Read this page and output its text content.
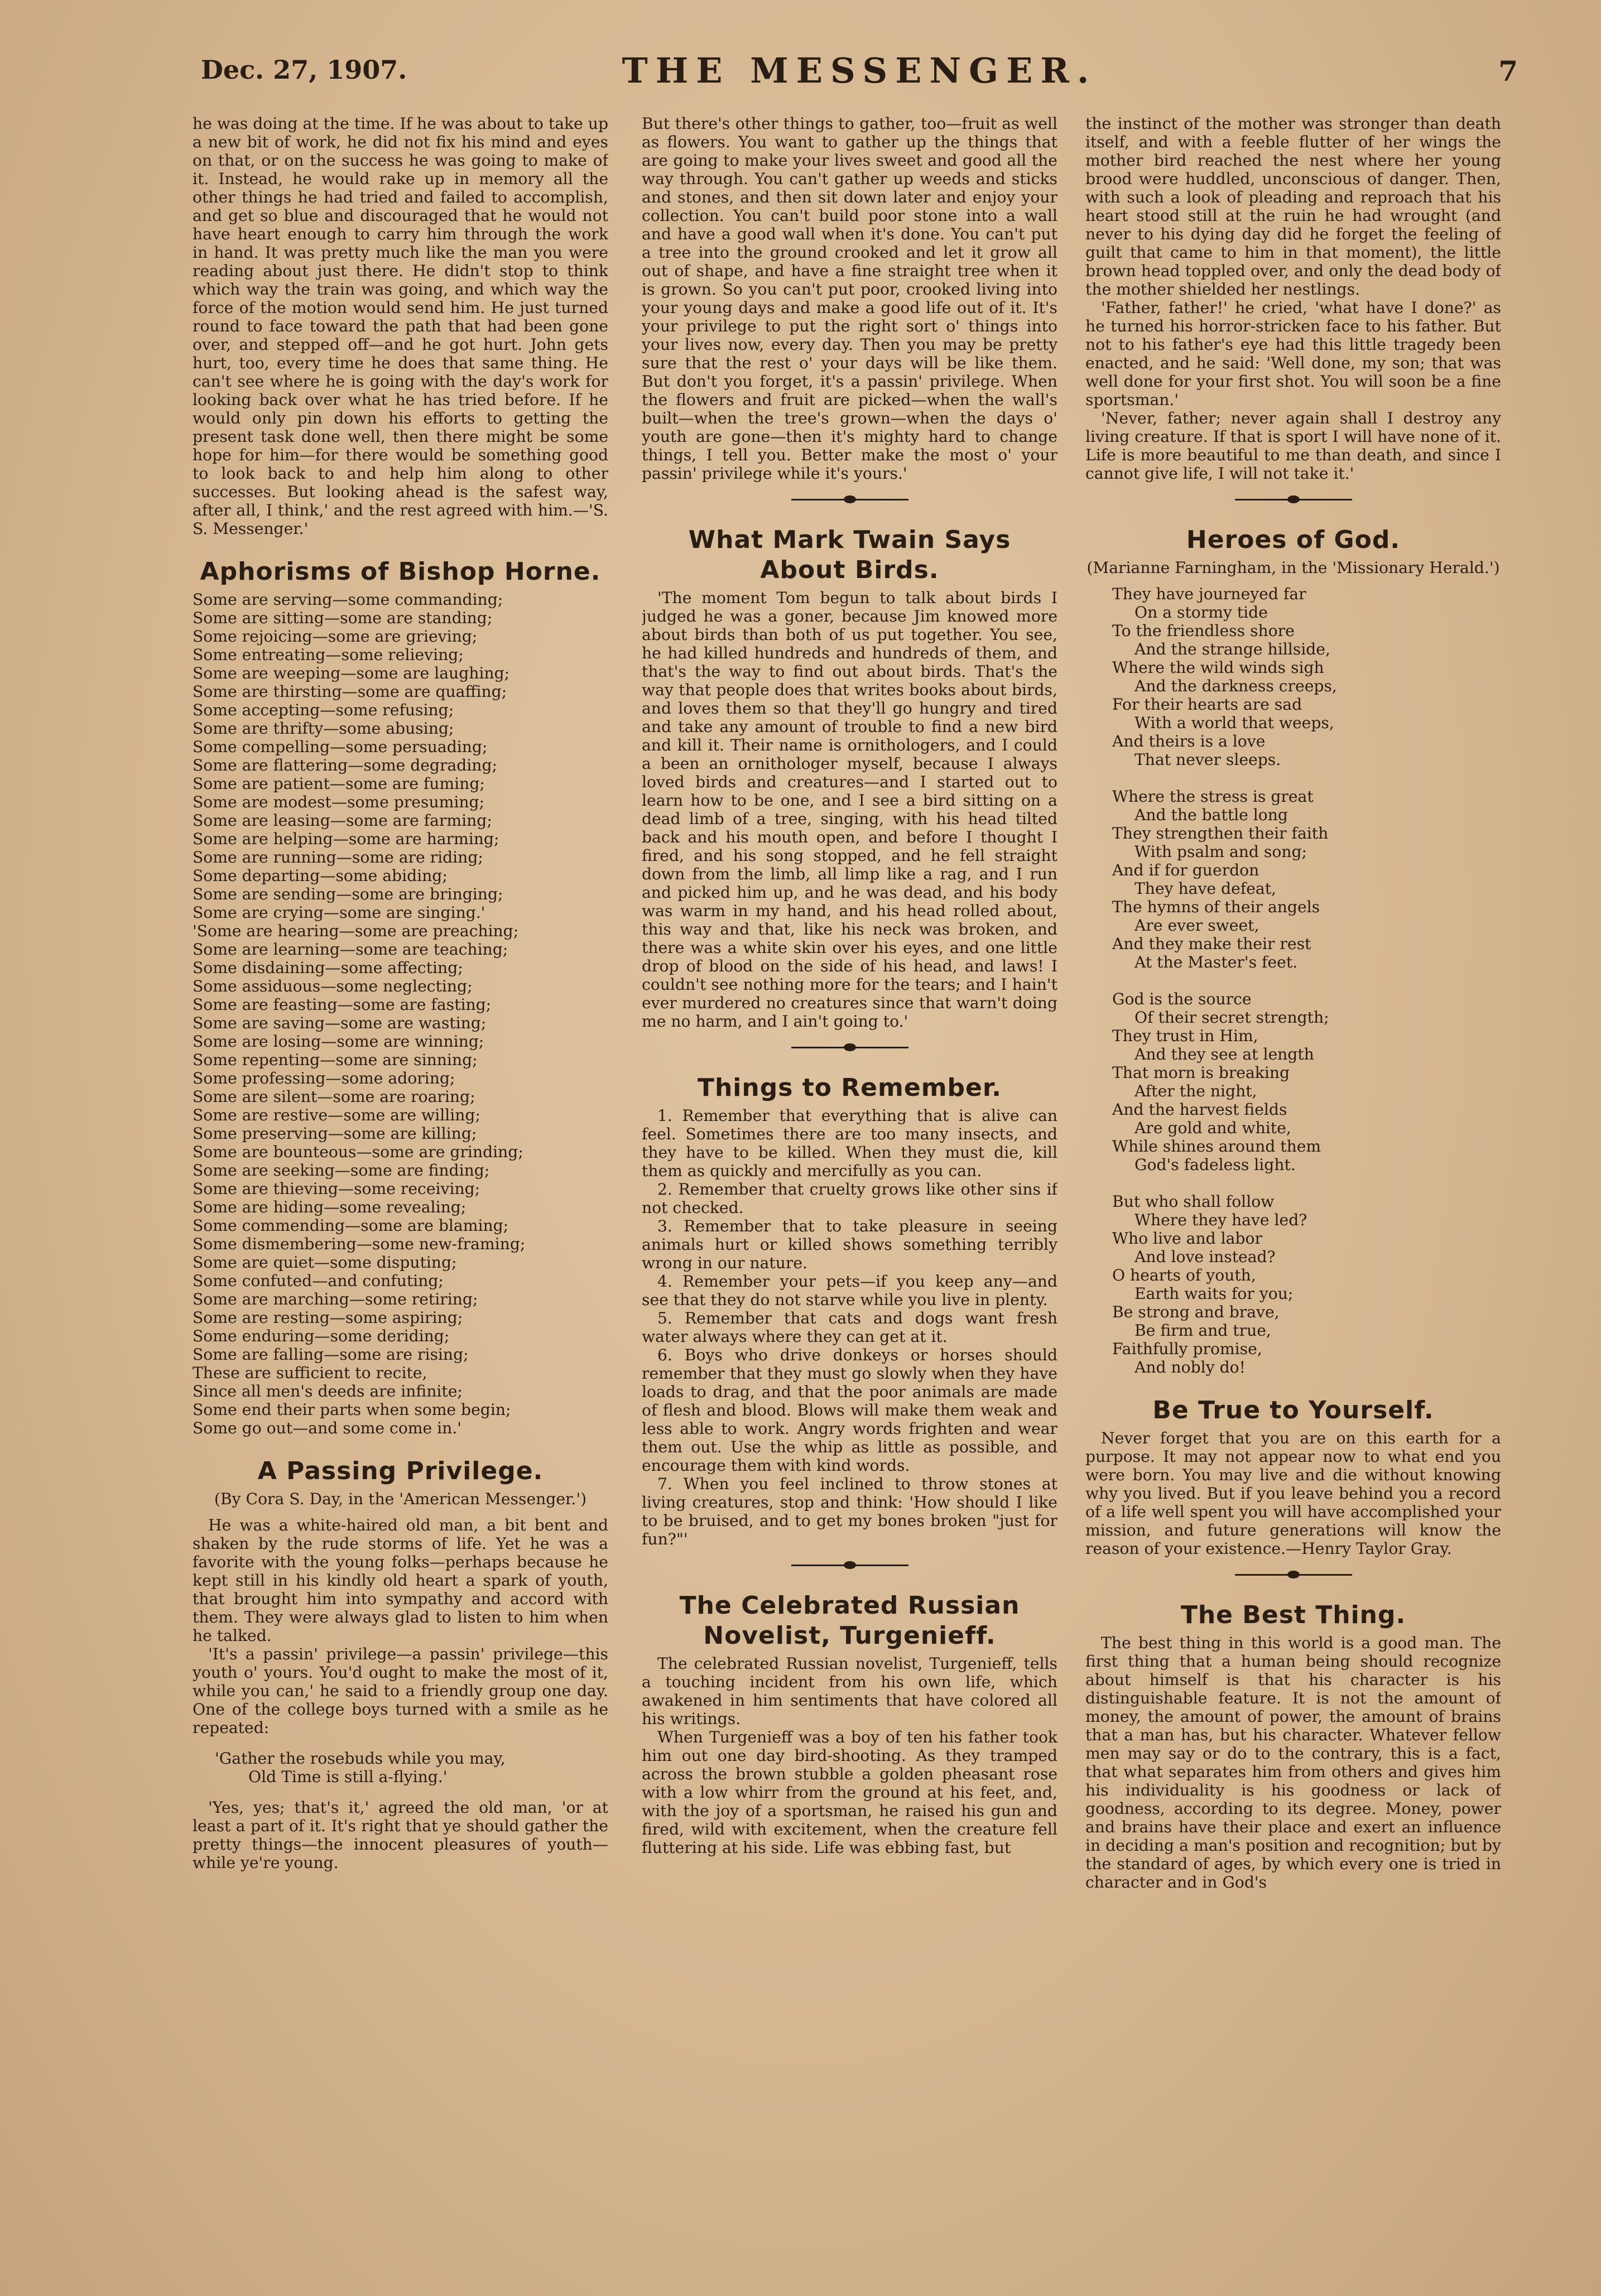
Dec. 27, 1907.	THE MESSENGER.	7

he was doing at the time. If he was about to take up a new bit of work, he did not fix his mind and eyes on that, or on the success he was going to make of it. Instead, he would rake up in memory all the other things he had tried and failed to accomplish, and get so blue and discouraged that he would not have heart enough to carry him through the work in hand. It was pretty much like the man you were reading about just there. He didn't stop to think which way the train was going, and which way the force of the motion would send him. He just turned round to face toward the path that had been gone over, and stepped off—and he got hurt. John gets hurt, too, every time he does that same thing. He can't see where he is going with the day's work for looking back over what he has tried before. If he would only pin down his efforts to getting the present task done well, then there might be some hope for him—for there would be something good to look back to and help him along to other successes. But looking ahead is the safest way, after all, I think,' and the rest agreed with him.—'S. S. Messenger.'

Aphorisms of Bishop Horne.
Some are serving—some commanding;
Some are sitting—some are standing;
Some rejoicing—some are grieving;
Some entreating—some relieving;
Some are weeping—some are laughing;
Some are thirsting—some are quaffing;
Some accepting—some refusing;
Some are thrifty—some abusing;
Some compelling—some persuading;
Some are flattering—some degrading;
Some are patient—some are fuming;
Some are modest—some presuming;
Some are leasing—some are farming;
Some are helping—some are harming;
Some are running—some are riding;
Some departing—some abiding;
Some are sending—some are bringing;
Some are crying—some are singing.'
'Some are hearing—some are preaching;
Some are learning—some are teaching;
Some disdaining—some affecting;
Some assiduous—some neglecting;
Some are feasting—some are fasting;
Some are saving—some are wasting;
Some are losing—some are winning;
Some repenting—some are sinning;
Some professing—some adoring;
Some are silent—some are roaring;
Some are restive—some are willing;
Some preserving—some are killing;
Some are bounteous—some are grinding;
Some are seeking—some are finding;
Some are thieving—some receiving;
Some are hiding—some revealing;
Some commending—some are blaming;
Some dismembering—some new-framing;
Some are quiet—some disputing;
Some confuted—and confuting;
Some are marching—some retiring;
Some are resting—some aspiring;
Some enduring—some deriding;
Some are falling—some are rising;
These are sufficient to recite,
Since all men's deeds are infinite;
Some end their parts when some begin;
Some go out—and some come in.'
A Passing Privilege.
(By Cora S. Day, in the 'American Messenger.')

He was a white-haired old man, a bit bent and shaken by the rude storms of life. Yet he was a favorite with the young folks—perhaps because he kept still in his kindly old heart a spark of youth, that brought him into sympathy and accord with them. They were always glad to listen to him when he talked.

'It's a passin' privilege—a passin' privilege—this youth o' yours. You'd ought to make the most of it, while you can,' he said to a friendly group one day. One of the college boys turned with a smile as he repeated:

'Gather the rosebuds while you may,
Old Time is still a-flying.'

'Yes, yes; that's it,' agreed the old man, 'or at least a part of it. It's right that ye should gather the pretty things—the innocent pleasures of youth—while ye're young.

But there's other things to gather, too—fruit as well as flowers. You want to gather up the things that are going to make your lives sweet and good all the way through. You can't gather up weeds and sticks and stones, and then sit down later and enjoy your collection. You can't build poor stone into a wall and have a good wall when it's done. You can't put a tree into the ground crooked and let it grow all out of shape, and have a fine straight tree when it is grown. So you can't put poor, crooked living into your young days and make a good life out of it. It's your privilege to put the right sort o' things into your lives now, every day. Then you may be pretty sure that the rest o' your days will be like them. But don't you forget, it's a passin' privilege. When the flowers and fruit are picked—when the wall's built—when the tree's grown—when the days o' youth are gone—then it's mighty hard to change things, I tell you. Better make the most o' your passin' privilege while it's yours.'

What Mark Twain Says About Birds.

'The moment Tom begun to talk about birds I judged he was a goner, because Jim knowed more about birds than both of us put together. You see, he had killed hundreds and hundreds of them, and that's the way to find out about birds. That's the way that people does that writes books about birds, and loves them so that they'll go hungry and tired and take any amount of trouble to find a new bird and kill it. Their name is ornithologers, and I could a been an ornithologer myself, because I always loved birds and creatures—and I started out to learn how to be one, and I see a bird sitting on a dead limb of a tree, singing, with his head tilted back and his mouth open, and before I thought I fired, and his song stopped, and he fell straight down from the limb, all limp like a rag, and I run and picked him up, and he was dead, and his body was warm in my hand, and his head rolled about, this way and that, like his neck was broken, and there was a white skin over his eyes, and one little drop of blood on the side of his head, and laws! I couldn't see nothing more for the tears; and I hain't ever murdered no creatures since that warn't doing me no harm, and I ain't going to.'

Things to Remember.

1. Remember that everything that is alive can feel. Sometimes there are too many insects, and they have to be killed. When they must die, kill them as quickly and mercifully as you can.

2. Remember that cruelty grows like other sins if not checked.

3. Remember that to take pleasure in seeing animals hurt or killed shows something terribly wrong in our nature.

4. Remember your pets—if you keep any—and see that they do not starve while you live in plenty.

5. Remember that cats and dogs want fresh water always where they can get at it.

6. Boys who drive donkeys or horses should remember that they must go slowly when they have loads to drag, and that the poor animals are made of flesh and blood. Blows will make them weak and less able to work. Angry words frighten and wear them out. Use the whip as little as possible, and encourage them with kind words.

7. When you feel inclined to throw stones at living creatures, stop and think: 'How should I like to be bruised, and to get my bones broken "just for fun?"'

The Celebrated Russian Novelist, Turgenieff.

The celebrated Russian novelist, Turgenieff, tells a touching incident from his own life, which awakened in him sentiments that have colored all his writings.

When Turgenieff was a boy of ten his father took him out one day bird-shooting. As they tramped across the brown stubble a golden pheasant rose with a low whirr from the ground at his feet, and, with the joy of a sportsman, he raised his gun and fired, wild with excitement, when the creature fell fluttering at his side. Life was ebbing fast, but

the instinct of the mother was stronger than death itself, and with a feeble flutter of her wings the mother bird reached the nest where her young brood were huddled, unconscious of danger. Then, with such a look of pleading and reproach that his heart stood still at the ruin he had wrought (and never to his dying day did he forget the feeling of guilt that came to him in that moment), the little brown head toppled over, and only the dead body of the mother shielded her nestlings.

'Father, father!' he cried, 'what have I done?' as he turned his horror-stricken face to his father. But not to his father's eye had this little tragedy been enacted, and he said: 'Well done, my son; that was well done for your first shot. You will soon be a fine sportsman.'

'Never, father; never again shall I destroy any living creature. If that is sport I will have none of it. Life is more beautiful to me than death, and since I cannot give life, I will not take it.'

Heroes of God.
(Marianne Farningham, in the 'Missionary Herald.')
They have journeyed far
On a stormy tide
To the friendless shore
And the strange hillside,
Where the wild winds sigh
And the darkness creeps,
For their hearts are sad
With a world that weeps,
And theirs is a love
That never sleeps.
Where the stress is great
And the battle long
They strengthen their faith
With psalm and song;
And if for guerdon
They have defeat,
The hymns of their angels
Are ever sweet,
And they make their rest
At the Master's feet.
God is the source
Of their secret strength;
They trust in Him,
And they see at length
That morn is breaking
After the night,
And the harvest fields
Are gold and white,
While shines around them
God's fadeless light.
But who shall follow
Where they have led?
Who live and labor
And love instead?
O hearts of youth,
Earth waits for you;
Be strong and brave,
Be firm and true,
Faithfully promise,
And nobly do!
Be True to Yourself.

Never forget that you are on this earth for a purpose. It may not appear now to what end you were born. You may live and die without knowing why you lived. But if you leave behind you a record of a life well spent you will have accomplished your mission, and future generations will know the reason of your existence.—Henry Taylor Gray.

The Best Thing.

The best thing in this world is a good man. The first thing that a human being should recognize about himself is that his character is his distinguishable feature. It is not the amount of money, the amount of power, the amount of brains that a man has, but his character. Whatever fellow men may say or do to the contrary, this is a fact, that what separates him from others and gives him his individuality is his goodness or lack of goodness, according to its degree. Money, power and brains have their place and exert an influence in deciding a man's position and recognition; but by the standard of ages, by which every one is tried in character and in God's
